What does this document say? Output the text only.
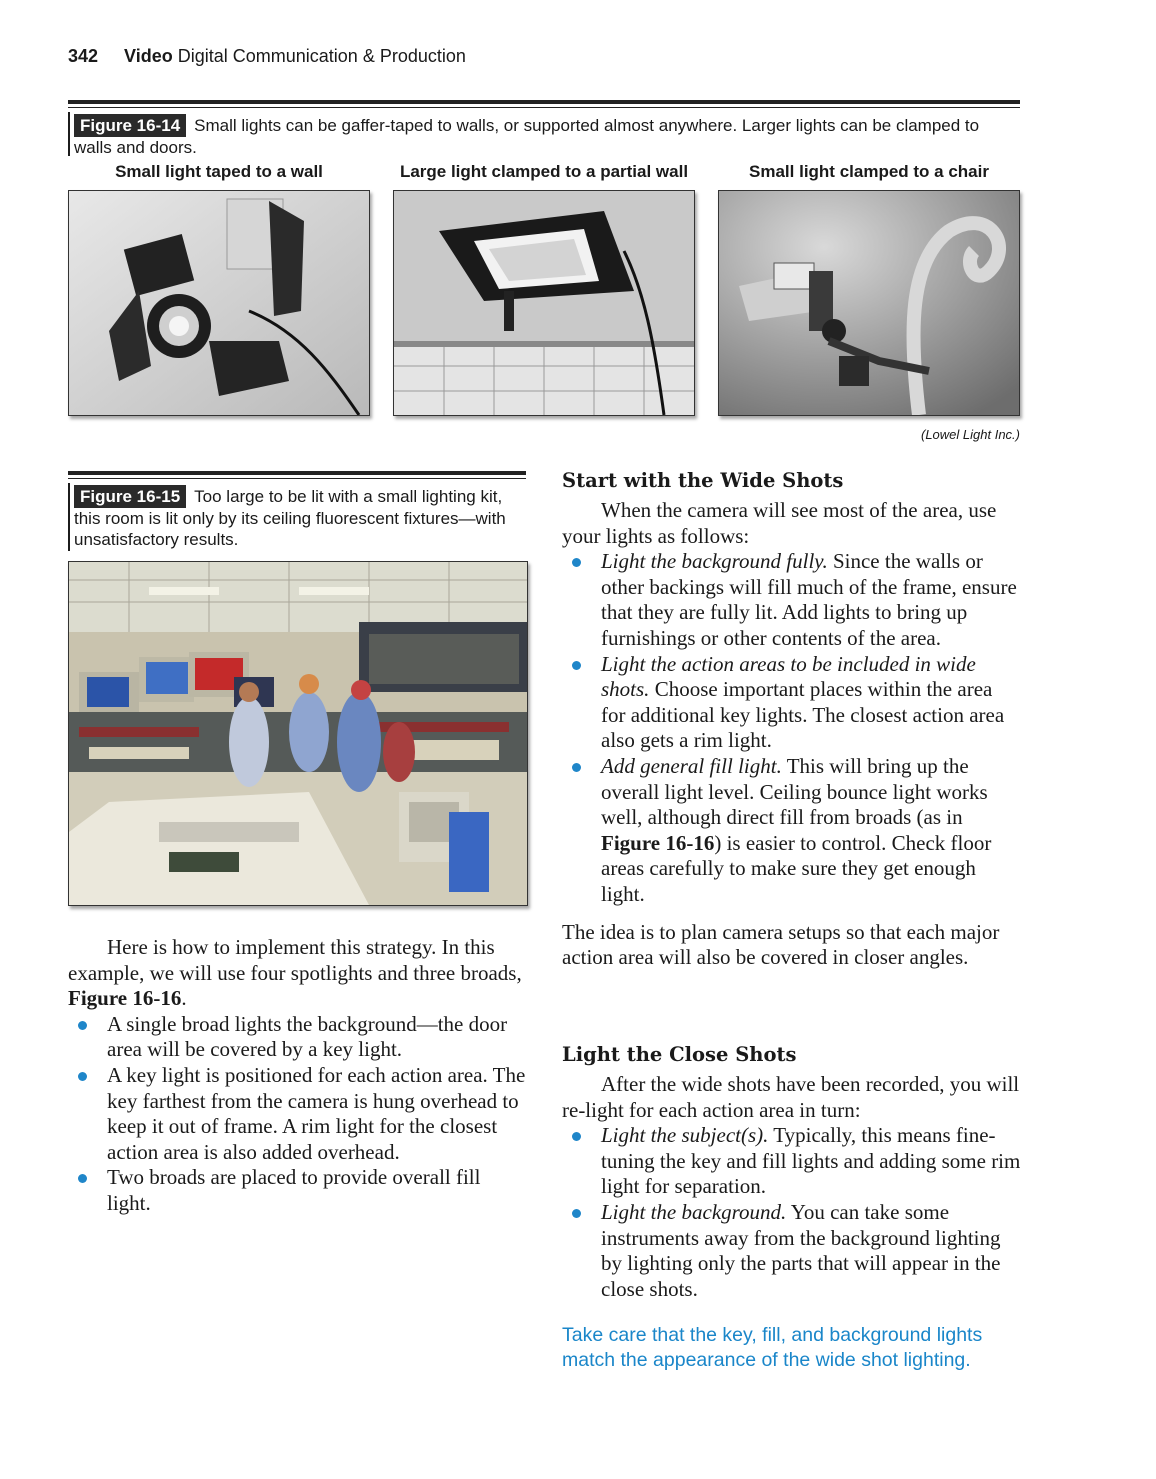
342 Video Digital Communication & Production
Figure 16-14 Small lights can be gaffer-taped to walls, or supported almost anywhere. Larger lights can be clamped to walls and doors.
Small light taped to a wall	Large light clamped to a partial wall	Small light clamped to a chair
(Lowel Light Inc.)
Figure 16-15 Too large to be lit with a small lighting kit, this room is lit only by its ceiling fluorescent fixtures—with unsatisfactory results.

Here is how to implement this strategy. In this example, we will use four spotlights and three broads, Figure 16-16.

A single broad lights the background—the door area will be covered by a key light.
A key light is positioned for each action area. The key farthest from the camera is hung overhead to keep it out of frame. A rim light for the closest action area is also added overhead.
Two broads are placed to provide overall fill light.
Start with the Wide Shots

When the camera will see most of the area, use your lights as follows:

Light the background fully. Since the walls or other backings will fill much of the frame, ensure that they are fully lit. Add lights to bring up furnishings or other contents of the area.
Light the action areas to be included in wide shots. Choose important places within the area for additional key lights. The closest action area also gets a rim light.
Add general fill light. This will bring up the overall light level. Ceiling bounce light works well, although direct fill from broads (as in Figure 16-16) is easier to control. Check floor areas carefully to make sure they get enough light.

The idea is to plan camera setups so that each major action area will also be covered in closer angles.

Light the Close Shots

After the wide shots have been recorded, you will re-light for each action area in turn:

Light the subject(s). Typically, this means fine-tuning the key and fill lights and adding some rim light for separation.
Light the background. You can take some instruments away from the background lighting by lighting only the parts that will appear in the close shots.
Take care that the key, fill, and background lights match the appearance of the wide shot lighting.
